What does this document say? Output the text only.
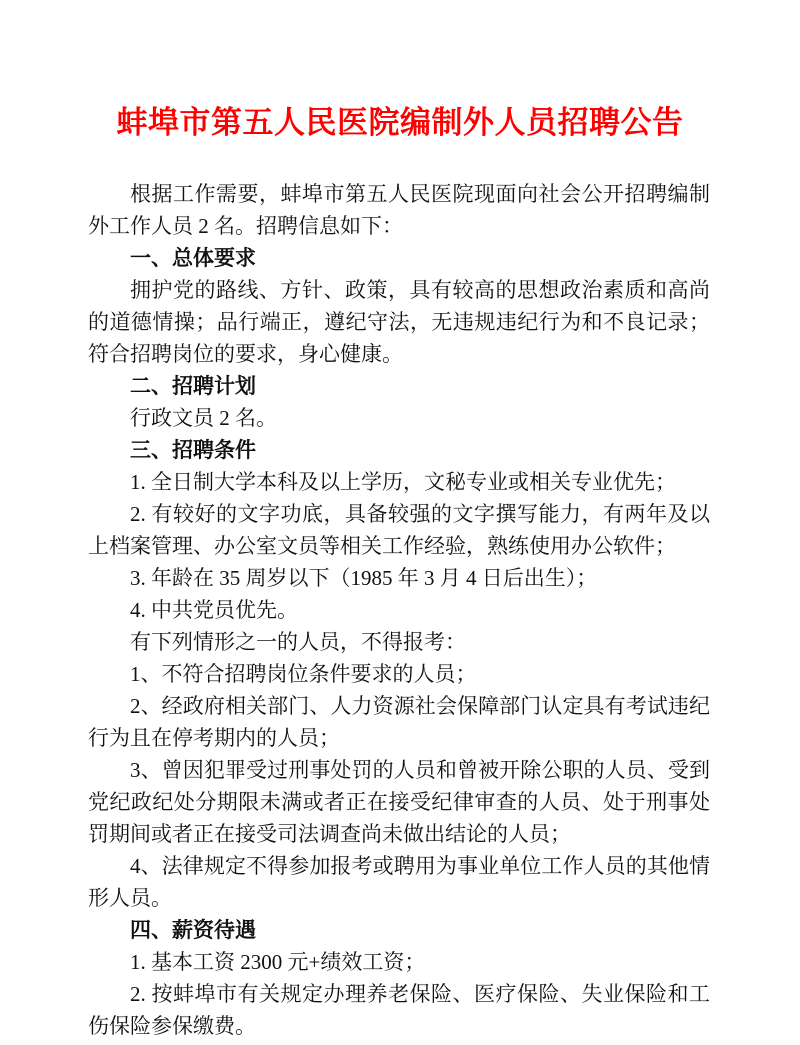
蚌埠市第五人民医院编制外人员招聘公告

根据工作需要，蚌埠市第五人民医院现面向社会公开招聘编制外工作人员 2 名。招聘信息如下：

一、总体要求

拥护党的路线、方针、政策，具有较高的思想政治素质和高尚的道德情操；品行端正，遵纪守法，无违规违纪行为和不良记录；符合招聘岗位的要求，身心健康。

二、招聘计划

行政文员 2 名。

三、招聘条件

1. 全日制大学本科及以上学历，文秘专业或相关专业优先；

2. 有较好的文字功底，具备较强的文字撰写能力，有两年及以上档案管理、办公室文员等相关工作经验，熟练使用办公软件；

3. 年龄在 35 周岁以下（1985 年 3 月 4 日后出生）；

4. 中共党员优先。

有下列情形之一的人员，不得报考：

1、不符合招聘岗位条件要求的人员；

2、经政府相关部门、人力资源社会保障部门认定具有考试违纪行为且在停考期内的人员；

3、曾因犯罪受过刑事处罚的人员和曾被开除公职的人员、受到党纪政纪处分期限未满或者正在接受纪律审查的人员、处于刑事处罚期间或者正在接受司法调查尚未做出结论的人员；

4、法律规定不得参加报考或聘用为事业单位工作人员的其他情形人员。

四、薪资待遇

1. 基本工资 2300 元+绩效工资；

2. 按蚌埠市有关规定办理养老保险、医疗保险、失业保险和工伤保险参保缴费。
